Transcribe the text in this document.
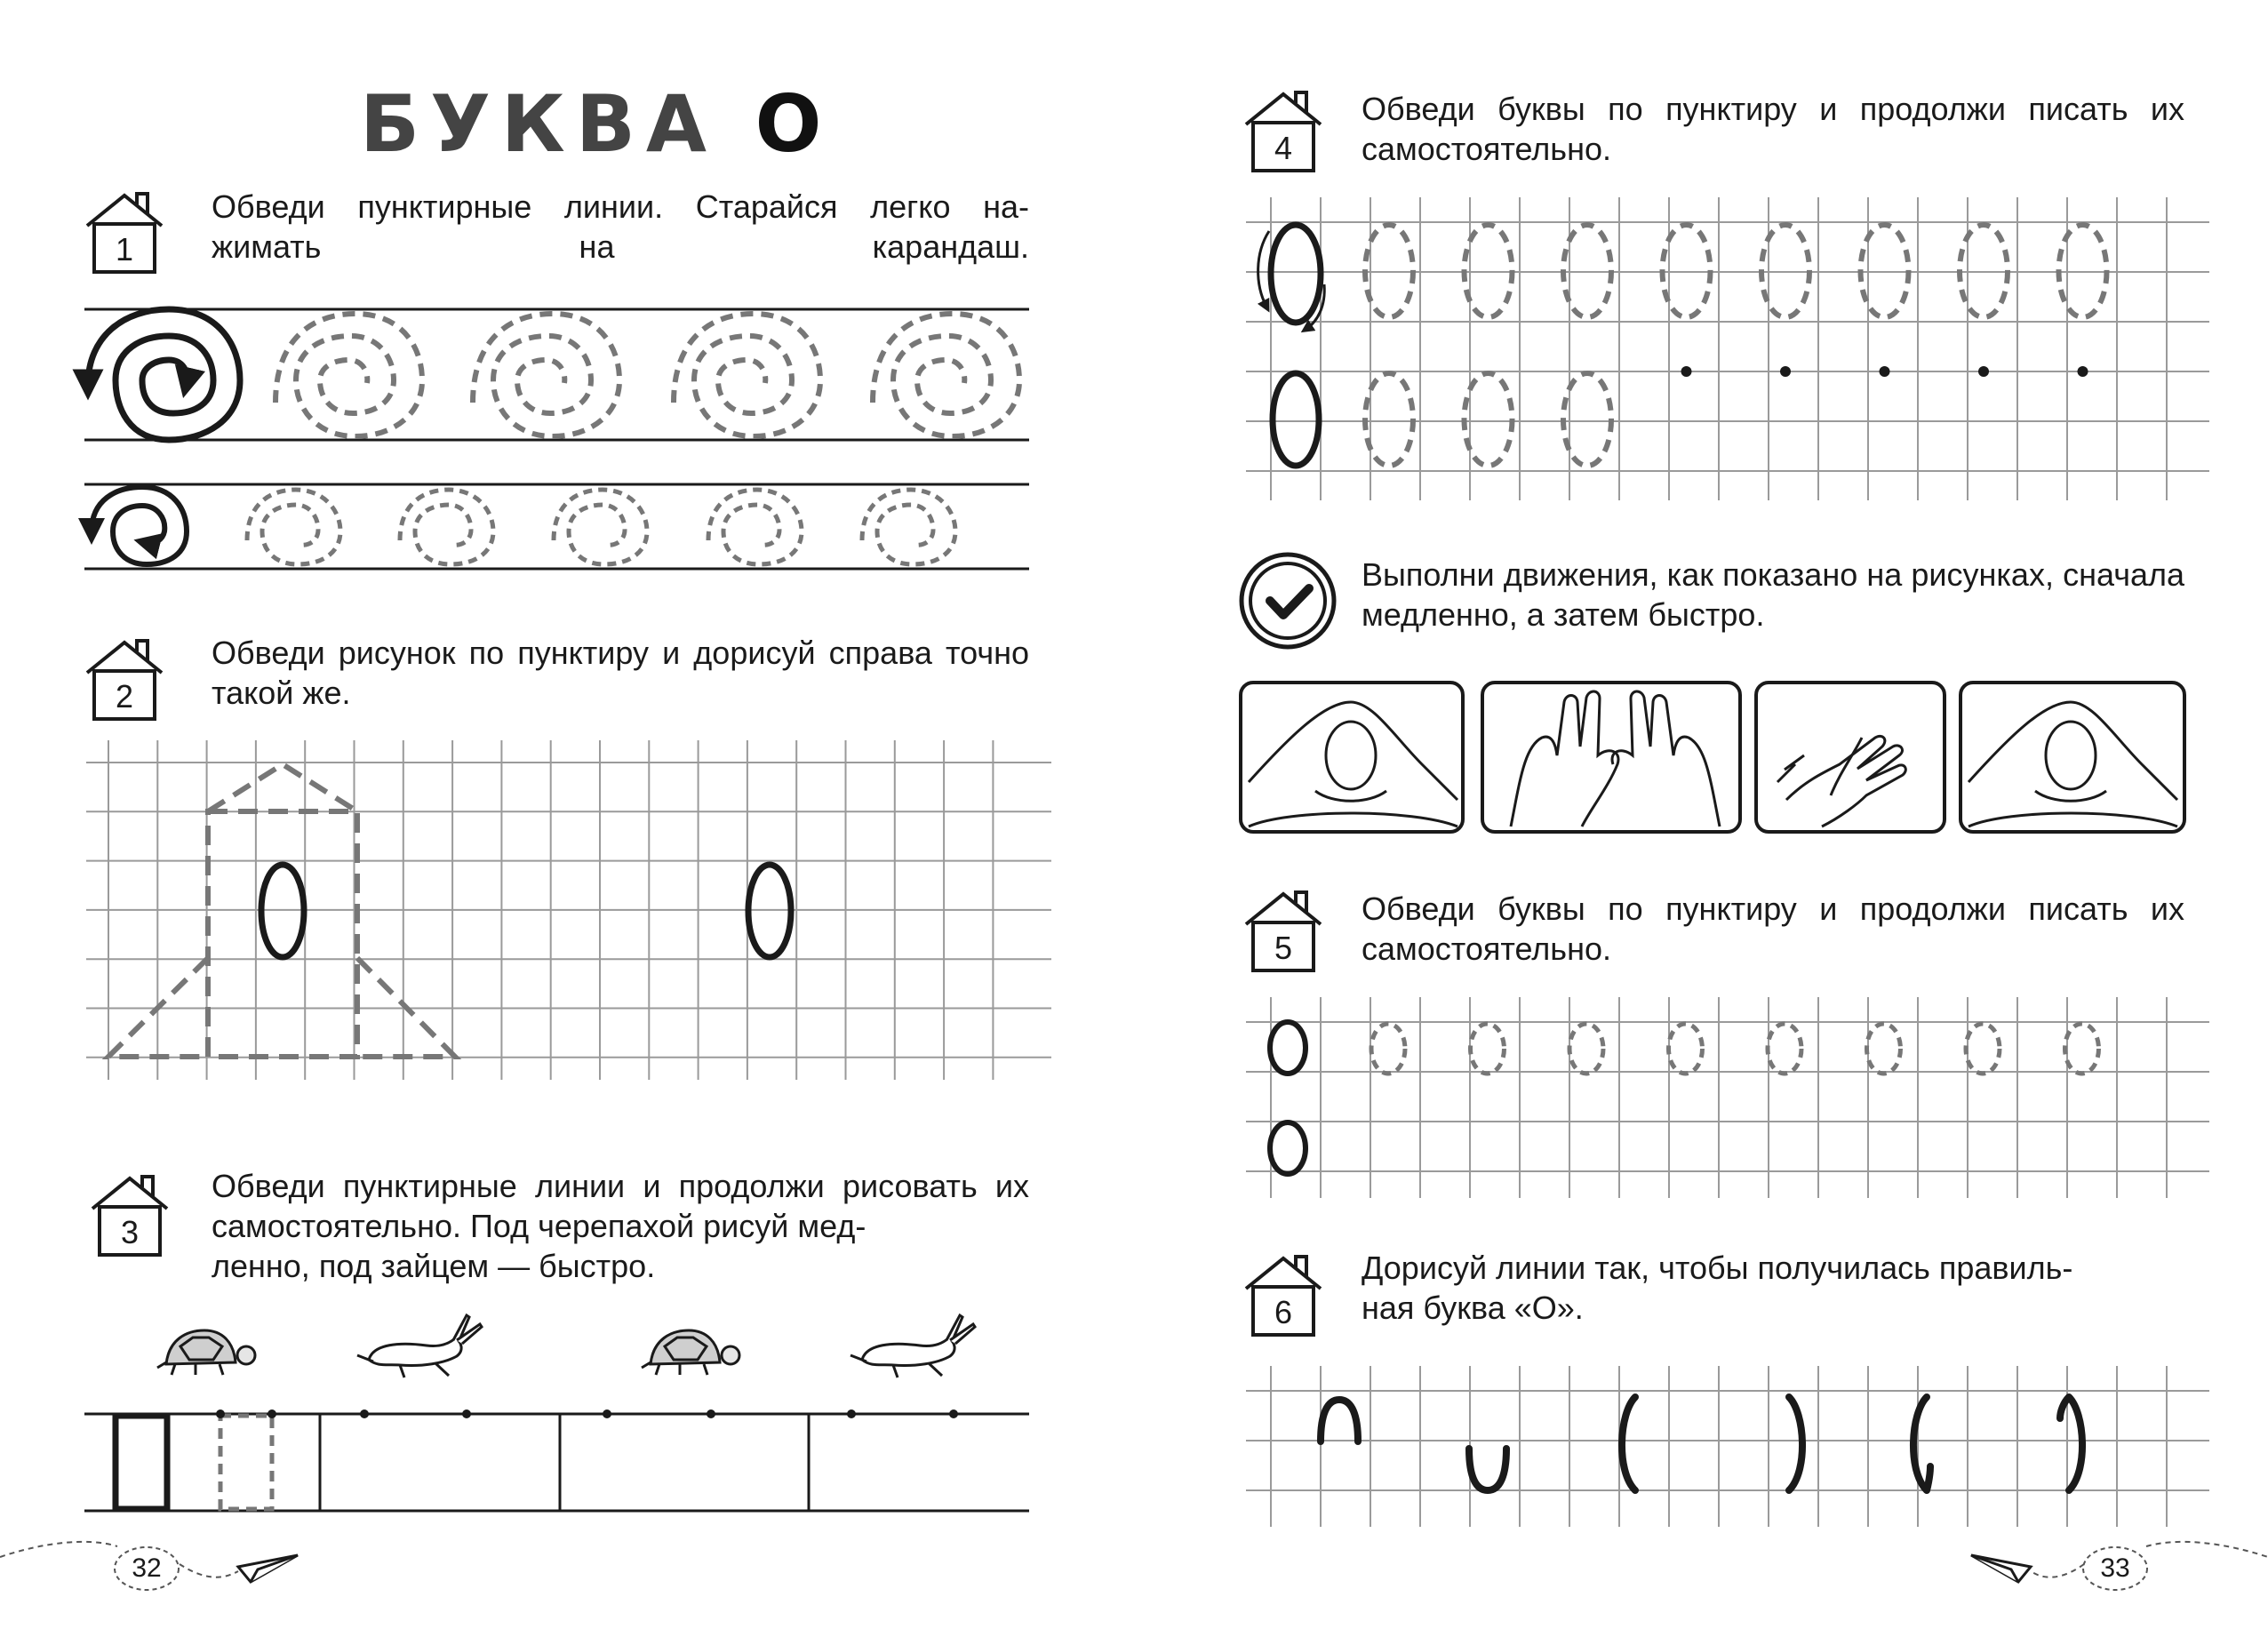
БУКВА О
1
Обведи пунктирные линии. Старайся легко на-
жимать на карандаш.
2
Обведи рисунок по пунктиру и дорисуй справа точно такой же.
3
Обведи пунктирные линии и продолжи рисовать их самостоятельно. Под черепахой рисуй мед-
ленно, под зайцем — быстро.
4
Обведи буквы по пунктиру и продолжи писать их самостоятельно.
Выполни движения, как показано на рисунках, сначала медленно, а затем быстро.
5
Обведи буквы по пунктиру и продолжи писать их самостоятельно.
6
Дорисуй линии так, чтобы получилась правиль-
ная буква «О».
32	33
